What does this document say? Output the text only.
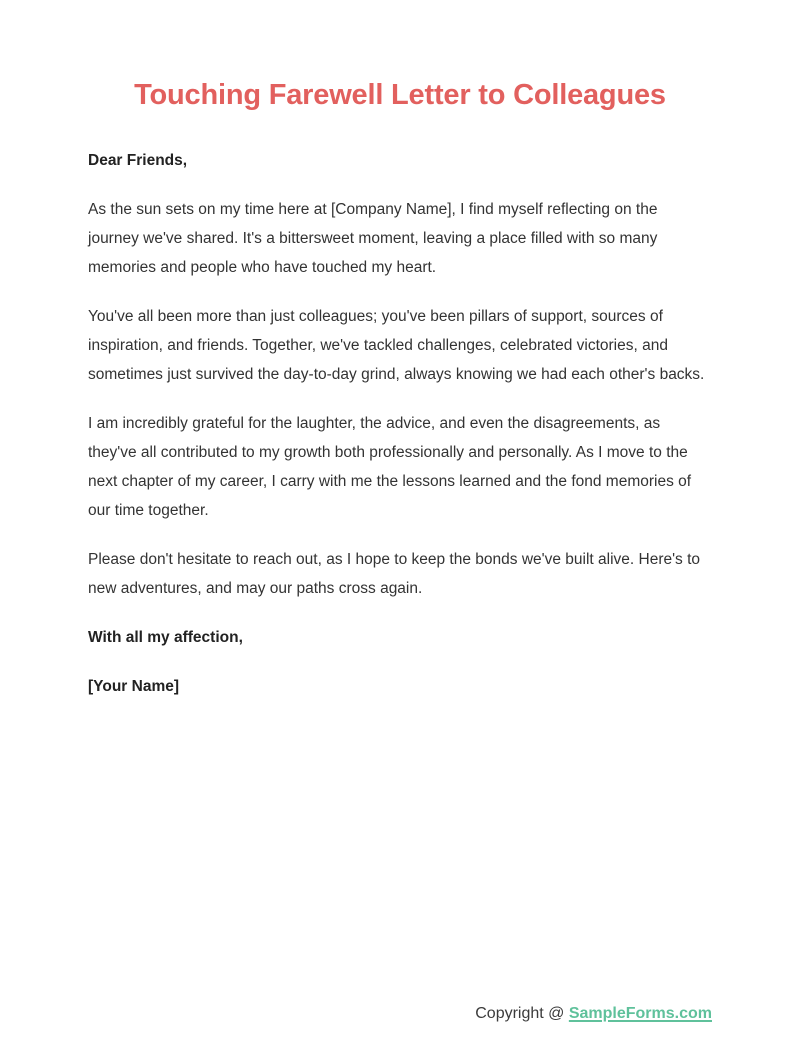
Touching Farewell Letter to Colleagues

Dear Friends,

As the sun sets on my time here at [Company Name], I find myself reflecting on the journey we've shared. It's a bittersweet moment, leaving a place filled with so many memories and people who have touched my heart.

You've all been more than just colleagues; you've been pillars of support, sources of inspiration, and friends. Together, we've tackled challenges, celebrated victories, and sometimes just survived the day-to-day grind, always knowing we had each other's backs.

I am incredibly grateful for the laughter, the advice, and even the disagreements, as they've all contributed to my growth both professionally and personally. As I move to the next chapter of my career, I carry with me the lessons learned and the fond memories of our time together.

Please don't hesitate to reach out, as I hope to keep the bonds we've built alive. Here's to new adventures, and may our paths cross again.

With all my affection,

[Your Name]

Copyright @ SampleForms.com
